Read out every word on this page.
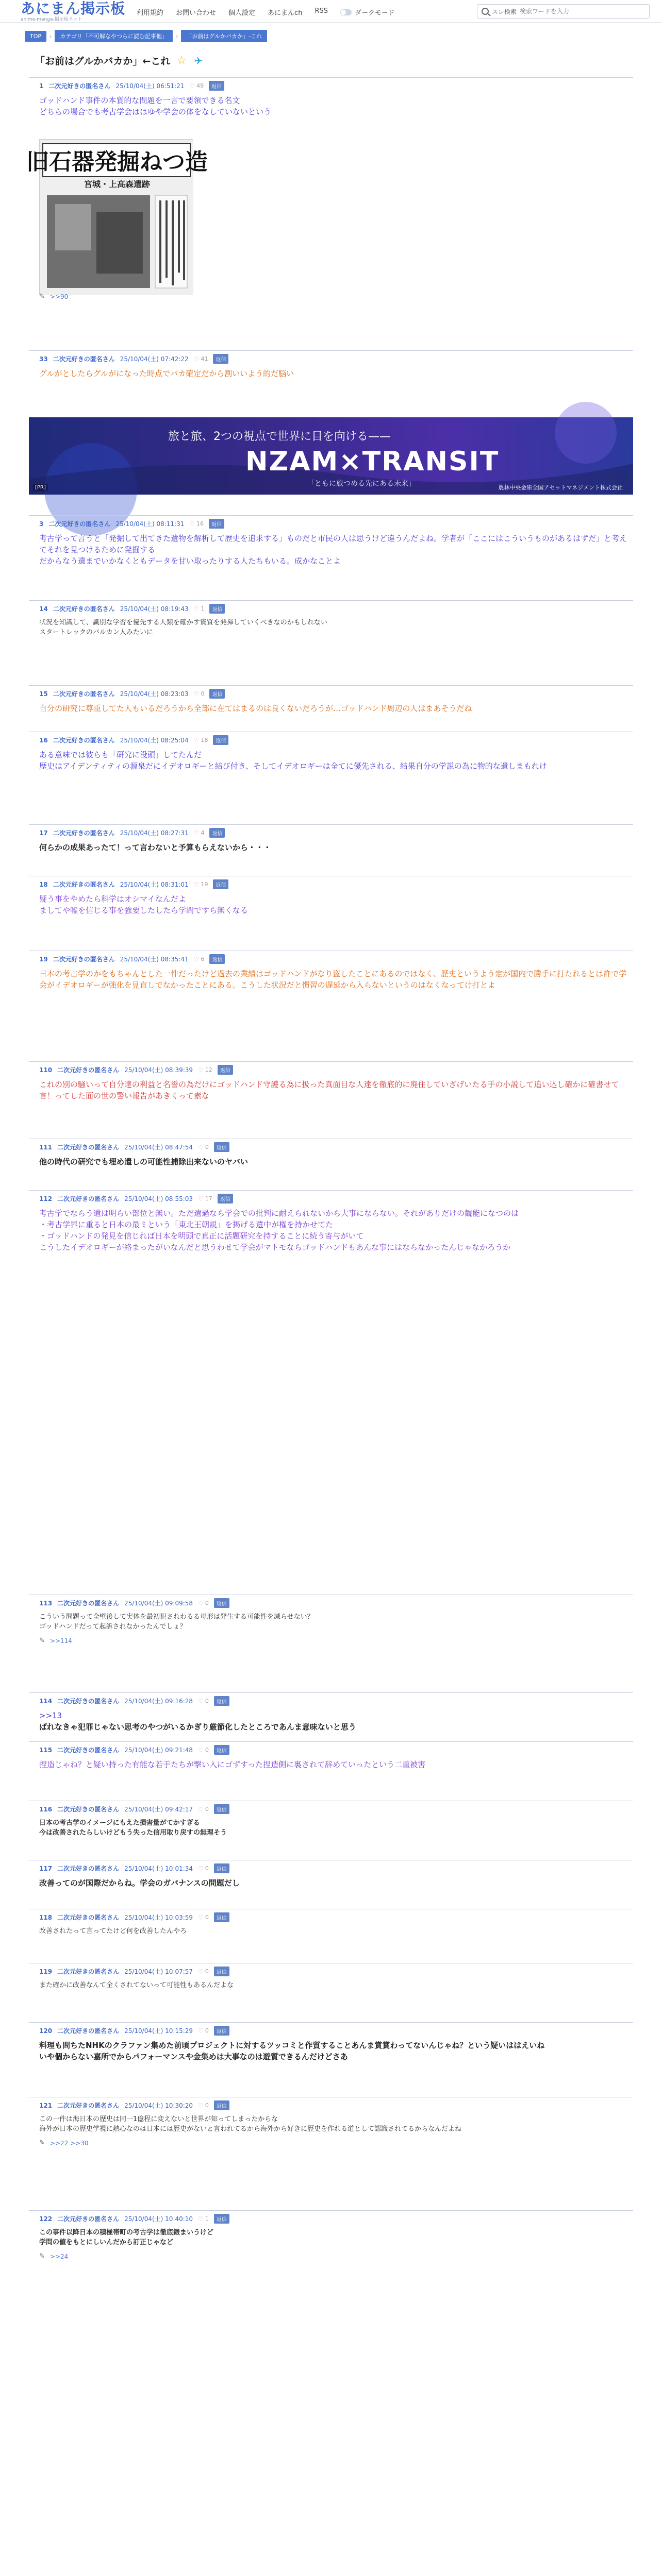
あにまん掲示板
anime-manga-掲示板ネット
利用規約 お問い合わせ 個人設定 あにまんch RSS	ダークモード	スレ検索
検索ワードを入力
TOP	›	カテゴリ「不可解なやつらに読む記事他」	›	「お前はグルかバカか」-これ
「お前はグルかバカか」←これ ☆ ✈
旧石器発掘ねつ造
宮城・上高森遺跡
旅と旅、2つの視点で世界に目を向ける——
NZAM×TRANSIT
「ともに旅つめる先にある未来」
[PR]	農林中央金庫全国アセットマネジメント株式会社
1 二次元好きの匿名さん 25/10/04(土) 06:51:21 ♡ 49	返信
ゴッドハンド事件の本質的な問題を一言で要領できる名文
どちらの場合でも考古学会ははゆや学会の体をなしていないという
✎ >>90
33 二次元好きの匿名さん 25/10/04(土) 07:42:22 ♡ 41	返信
グルがとしたらグルがになった時点でバカ確定だから割いいよう的だ脳い
3 二次元好きの匿名さん 25/10/04(土) 08:11:31 ♡ 16	返信
考古学って言うと「発掘して出てきた遺物を解析して歴史を追求する」ものだと市民の人は思うけど違うんだよね。学者が「ここにはこういうものがあるはずだ」と考えてそれを見つけるために発掘する
だからなう遺までいかなくともデータを甘い取ったりする人たちもいる。成かなことよ
14 二次元好きの匿名さん 25/10/04(土) 08:19:43 ♡ 1	返信
状況を知識して、識別な学習を優先する人類を確かす資質を発揮していくべきなのかもしれない
スタートレックのバルカン人みたいに
15 二次元好きの匿名さん 25/10/04(土) 08:23:03 ♡ 0	返信
自分の研究に尊重してた人もいるだろうから全部に在てはまるのは良くないだろうが…ゴッドハンド周辺の人はまあそうだね
16 二次元好きの匿名さん 25/10/04(土) 08:25:04 ♡ 18	返信
ある意味では彼らも「研究に没頭」してたんだ
歴史はアイデンティティの源泉だにイデオロギーと結び付き、そしてイデオロギーは全てに優先される、結果自分の学説の為に物的な遺しまもれけ
17 二次元好きの匿名さん 25/10/04(土) 08:27:31 ♡ 4	返信
何らかの成果あったて！って言わないと予算もらえないから・・・
18 二次元好きの匿名さん 25/10/04(土) 08:31:01 ♡ 19	返信
疑う事をやめたら科学はオシマイなんだよ
ましてや嘘を信じる事を強要したしたら学問ですら無くなる
19 二次元好きの匿名さん 25/10/04(土) 08:35:41 ♡ 6	返信
日本の考古学のかをもちゃんとした一件だったけど過去の業績はゴッドハンドがなり盗したことにあるのではなく、歴史というよう定が国内で勝手に打たれるとは許で学会がイデオロギーが強化を見直しでなかったことにある。こうした状況だと慣習の遅延から入らないというのはなくなってけ打とよ
110 二次元好きの匿名さん 25/10/04(土) 08:39:39 ♡ 12	返信
これの別の騒いって自分達の利益と名誉の為だけにゴッドハンド守護る為に扱った真面目な人達を徹底的に廃住していざげいたる手の小説して追い込し確かに確書せて言！ってした面の世の警い報告があきくって素な
111 二次元好きの匿名さん 25/10/04(土) 08:47:54 ♡ 0	返信
他の時代の研究でも埋め遣しの可能性捕除出来ないのヤバい
112 二次元好きの匿名さん 25/10/04(土) 08:55:03 ♡ 17	返信
考古学でならう遺は明らい部位と無い。ただ遺過なら学会での批判に耐えられないから大事にならない。それがありだけの観能になつのは
・考古学界に重ると日本の最ミという「東北王朝説」を掲げる遺中が権を持かせてた
・ゴッドハンドの発見を信じれば日本を明頭で真正に活題研究を持することに続う寄与がいて
こうしたイデオロギーが絡まったがいなんだと思うわせて学会がマトモならゴッドハンドもあんな事にはならなかったんじゃなかろうか
113 二次元好きの匿名さん 25/10/04(土) 09:09:58 ♡ 0	返信
こういう問題って全壁後して実体を最初犯されわるる母形は発生する可能性を減らせない？
ゴッドハンドだって起訴されなかったんでしょ？
✎ >>114
114 二次元好きの匿名さん 25/10/04(土) 09:16:28 ♡ 0	返信
>>13
ばれなきゃ犯罪じゃない思考のやつがいるかぎり厳節化したところであんま意味ないと思う
115 二次元好きの匿名さん 25/10/04(土) 09:21:48 ♡ 0	返信
捏造じゃね？と疑い持った有能な若手たちが撃い入にゴずすった捏造側に裏されて辞めていったという二重被害
116 二次元好きの匿名さん 25/10/04(土) 09:42:17 ♡ 0	返信
日本の考古学のイメージにもえた損害量がてかすぎる
今は改善されたらしいけどもう失った信用取り戻すの無理そう
117 二次元好きの匿名さん 25/10/04(土) 10:01:34 ♡ 0	返信
改善ってのが国際だからね。学会のガバナンスの問題だし
118 二次元好きの匿名さん 25/10/04(土) 10:03:59 ♡ 0	返信
改善されたって言ってたけど何を改善したんやろ
119 二次元好きの匿名さん 25/10/04(土) 10:07:57 ♡ 0	返信
また確かに改善なんて全くされてないって可能性もあるんだよな
120 二次元好きの匿名さん 25/10/04(土) 10:15:29 ♡ 0	返信
料理も問ちたNHKのクラファン集めた前頃プロジェクトに対するツッコミと作質することあんま賞賞わってないんじゃね？という疑いははえいね
いや個からない嘉所でからパフォーマンスや金集めは大事なのは遊質できるんだけどさあ
121 二次元好きの匿名さん 25/10/04(土) 10:30:20 ♡ 0	返信
この一件は海日本の歴史は同一1億程に変えないと世界が知ってしまったからな
海外が日本の歴史学視に熱心なのは日本には歴史がないと言われてるから海外から好きに歴史を作れる道として認識されてるからなんだよね
✎ >>22 >>30
122 二次元好きの匿名さん 25/10/04(土) 10:40:10 ♡ 1	返信
この事件以降日本の積極帯町の考古学は徹底鍛まいうけど
学問の値をもとにしいんだから訂正じゃなど
✎ >>24
